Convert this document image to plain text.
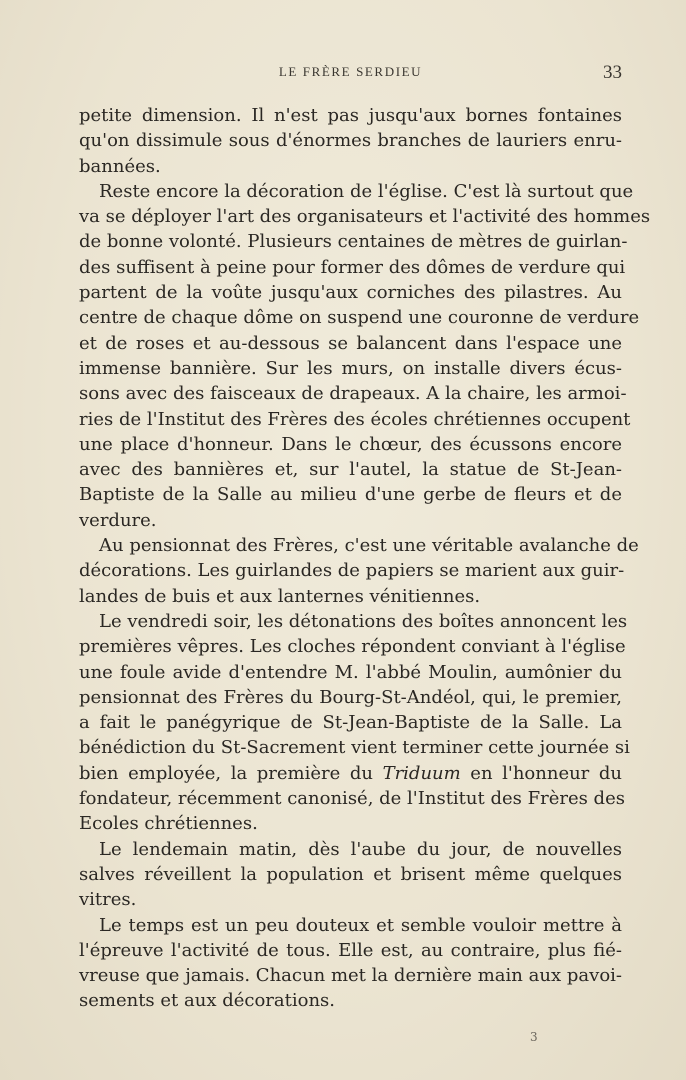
LE FRÈRE SERDIEU	33
petite dimension. Il n'est pas jusqu'aux bornes fontaines
qu'on dissimule sous d'énormes branches de lauriers enru-
bannées.
Reste encore la décoration de l'église. C'est là surtout que
va se déployer l'art des organisateurs et l'activité des hommes
de bonne volonté. Plusieurs centaines de mètres de guirlan-
des suffisent à peine pour former des dômes de verdure qui
partent de la voûte jusqu'aux corniches des pilastres. Au
centre de chaque dôme on suspend une couronne de verdure
et de roses et au-dessous se balancent dans l'espace une
immense bannière. Sur les murs, on installe divers écus-
sons avec des faisceaux de drapeaux. A la chaire, les armoi-
ries de l'Institut des Frères des écoles chrétiennes occupent
une place d'honneur. Dans le chœur, des écussons encore
avec des bannières et, sur l'autel, la statue de St-Jean-
Baptiste de la Salle au milieu d'une gerbe de fleurs et de
verdure.
Au pensionnat des Frères, c'est une véritable avalanche de
décorations. Les guirlandes de papiers se marient aux guir-
landes de buis et aux lanternes vénitiennes.
Le vendredi soir, les détonations des boîtes annoncent les
premières vêpres. Les cloches répondent conviant à l'église
une foule avide d'entendre M. l'abbé Moulin, aumônier du
pensionnat des Frères du Bourg-St-Andéol, qui, le premier,
a fait le panégyrique de St-Jean-Baptiste de la Salle. La
bénédiction du St-Sacrement vient terminer cette journée si
bien employée, la première du Triduum en l'honneur du
fondateur, récemment canonisé, de l'Institut des Frères des
Ecoles chrétiennes.
Le lendemain matin, dès l'aube du jour, de nouvelles
salves réveillent la population et brisent même quelques
vitres.
Le temps est un peu douteux et semble vouloir mettre à
l'épreuve l'activité de tous. Elle est, au contraire, plus fié-
vreuse que jamais. Chacun met la dernière main aux pavoi-
sements et aux décorations.
3
